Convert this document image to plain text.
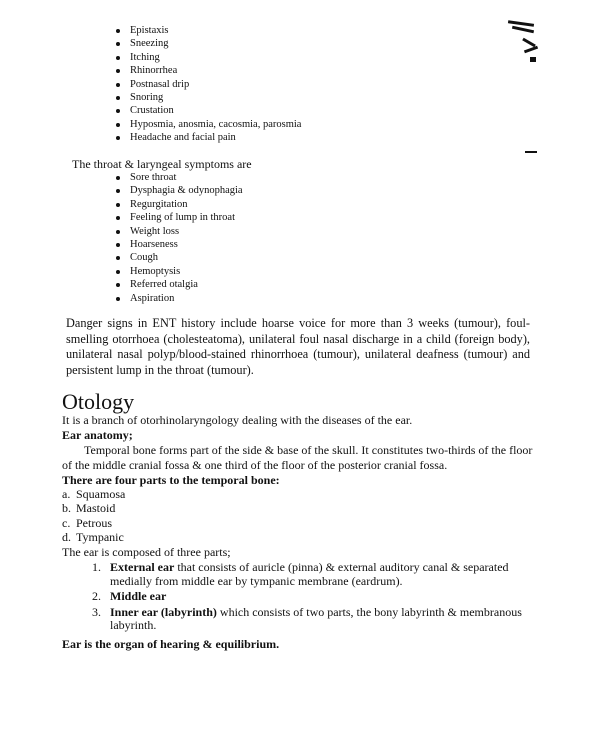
Epistaxis
Sneezing
Itching
Rhinorrhea
Postnasal drip
Snoring
Crustation
Hyposmia, anosmia, cacosmia, parosmia
Headache and facial pain
The throat & laryngeal symptoms are
Sore throat
Dysphagia & odynophagia
Regurgitation
Feeling of lump in throat
Weight loss
Hoarseness
Cough
Hemoptysis
Referred otalgia
Aspiration
Danger signs in ENT history include hoarse voice for more than 3 weeks (tumour), foul-smelling otorrhoea (cholesteatoma), unilateral foul nasal discharge in a child (foreign body), unilateral nasal polyp/blood-stained rhinorrhoea (tumour), unilateral deafness (tumour) and persistent lump in the throat (tumour).
Otology
It is a branch of otorhinolaryngology dealing with the diseases of the ear.
Ear anatomy;
Temporal bone forms part of the side & base of the skull. It constitutes two-thirds of the floor of the middle cranial fossa & one third of the floor of the posterior cranial fossa.
There are four parts to the temporal bone:
a. Squamosa
b. Mastoid
c. Petrous
d. Tympanic
The ear is composed of three parts;
1. External ear that consists of auricle (pinna) & external auditory canal & separated medially from middle ear by tympanic membrane (eardrum).
2. Middle ear
3. Inner ear (labyrinth) which consists of two parts, the bony labyrinth & membranous labyrinth.
Ear is the organ of hearing & equilibrium.
